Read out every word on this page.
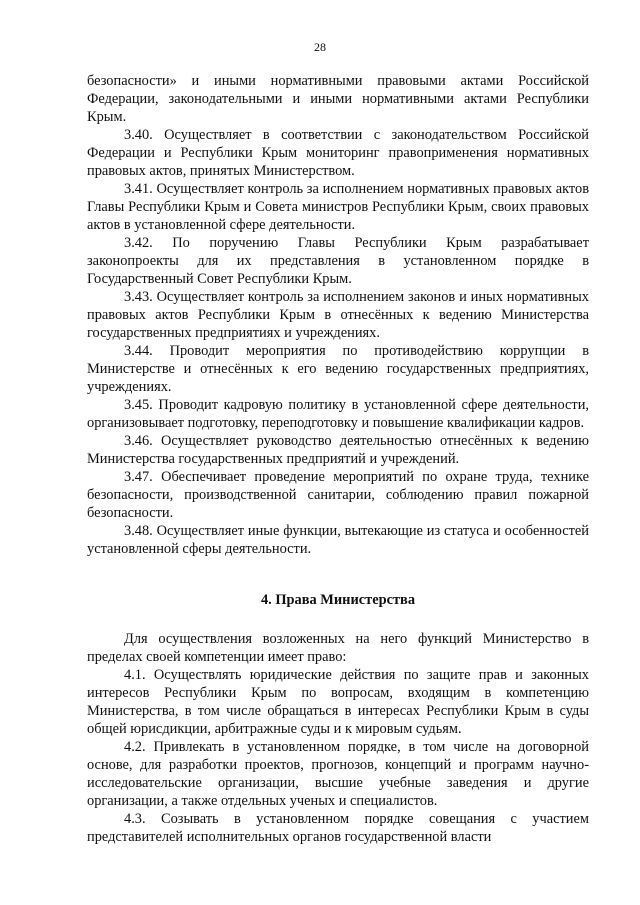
28

безопасности» и иными нормативными правовыми актами Российской Федерации, законодательными и иными нормативными актами Республики Крым.

3.40. Осуществляет в соответствии с законодательством Российской Федерации и Республики Крым мониторинг правоприменения нормативных правовых актов, принятых Министерством.

3.41. Осуществляет контроль за исполнением нормативных правовых актов Главы Республики Крым и Совета министров Республики Крым, своих правовых актов в установленной сфере деятельности.

3.42. По поручению Главы Республики Крым разрабатывает законопроекты для их представления в установленном порядке в Государственный Совет Республики Крым.

3.43. Осуществляет контроль за исполнением законов и иных нормативных правовых актов Республики Крым в отнесённых к ведению Министерства государственных предприятиях и учреждениях.

3.44. Проводит мероприятия по противодействию коррупции в Министерстве и отнесённых к его ведению государственных предприятиях, учреждениях.

3.45. Проводит кадровую политику в установленной сфере деятельности, организовывает подготовку, переподготовку и повышение квалификации кадров.

3.46. Осуществляет руководство деятельностью отнесённых к ведению Министерства государственных предприятий и учреждений.

3.47. Обеспечивает проведение мероприятий по охране труда, технике безопасности, производственной санитарии, соблюдению правил пожарной безопасности.

3.48. Осуществляет иные функции, вытекающие из статуса и особенностей установленной сферы деятельности.

4. Права Министерства

Для осуществления возложенных на него функций Министерство в пределах своей компетенции имеет право:

4.1. Осуществлять юридические действия по защите прав и законных интересов Республики Крым по вопросам, входящим в компетенцию Министерства, в том числе обращаться в интересах Республики Крым в суды общей юрисдикции, арбитражные суды и к мировым судьям.

4.2. Привлекать в установленном порядке, в том числе на договорной основе, для разработки проектов, прогнозов, концепций и программ научно-исследовательские организации, высшие учебные заведения и другие организации, а также отдельных ученых и специалистов.

4.3. Созывать в установленном порядке совещания с участием представителей исполнительных органов государственной власти
